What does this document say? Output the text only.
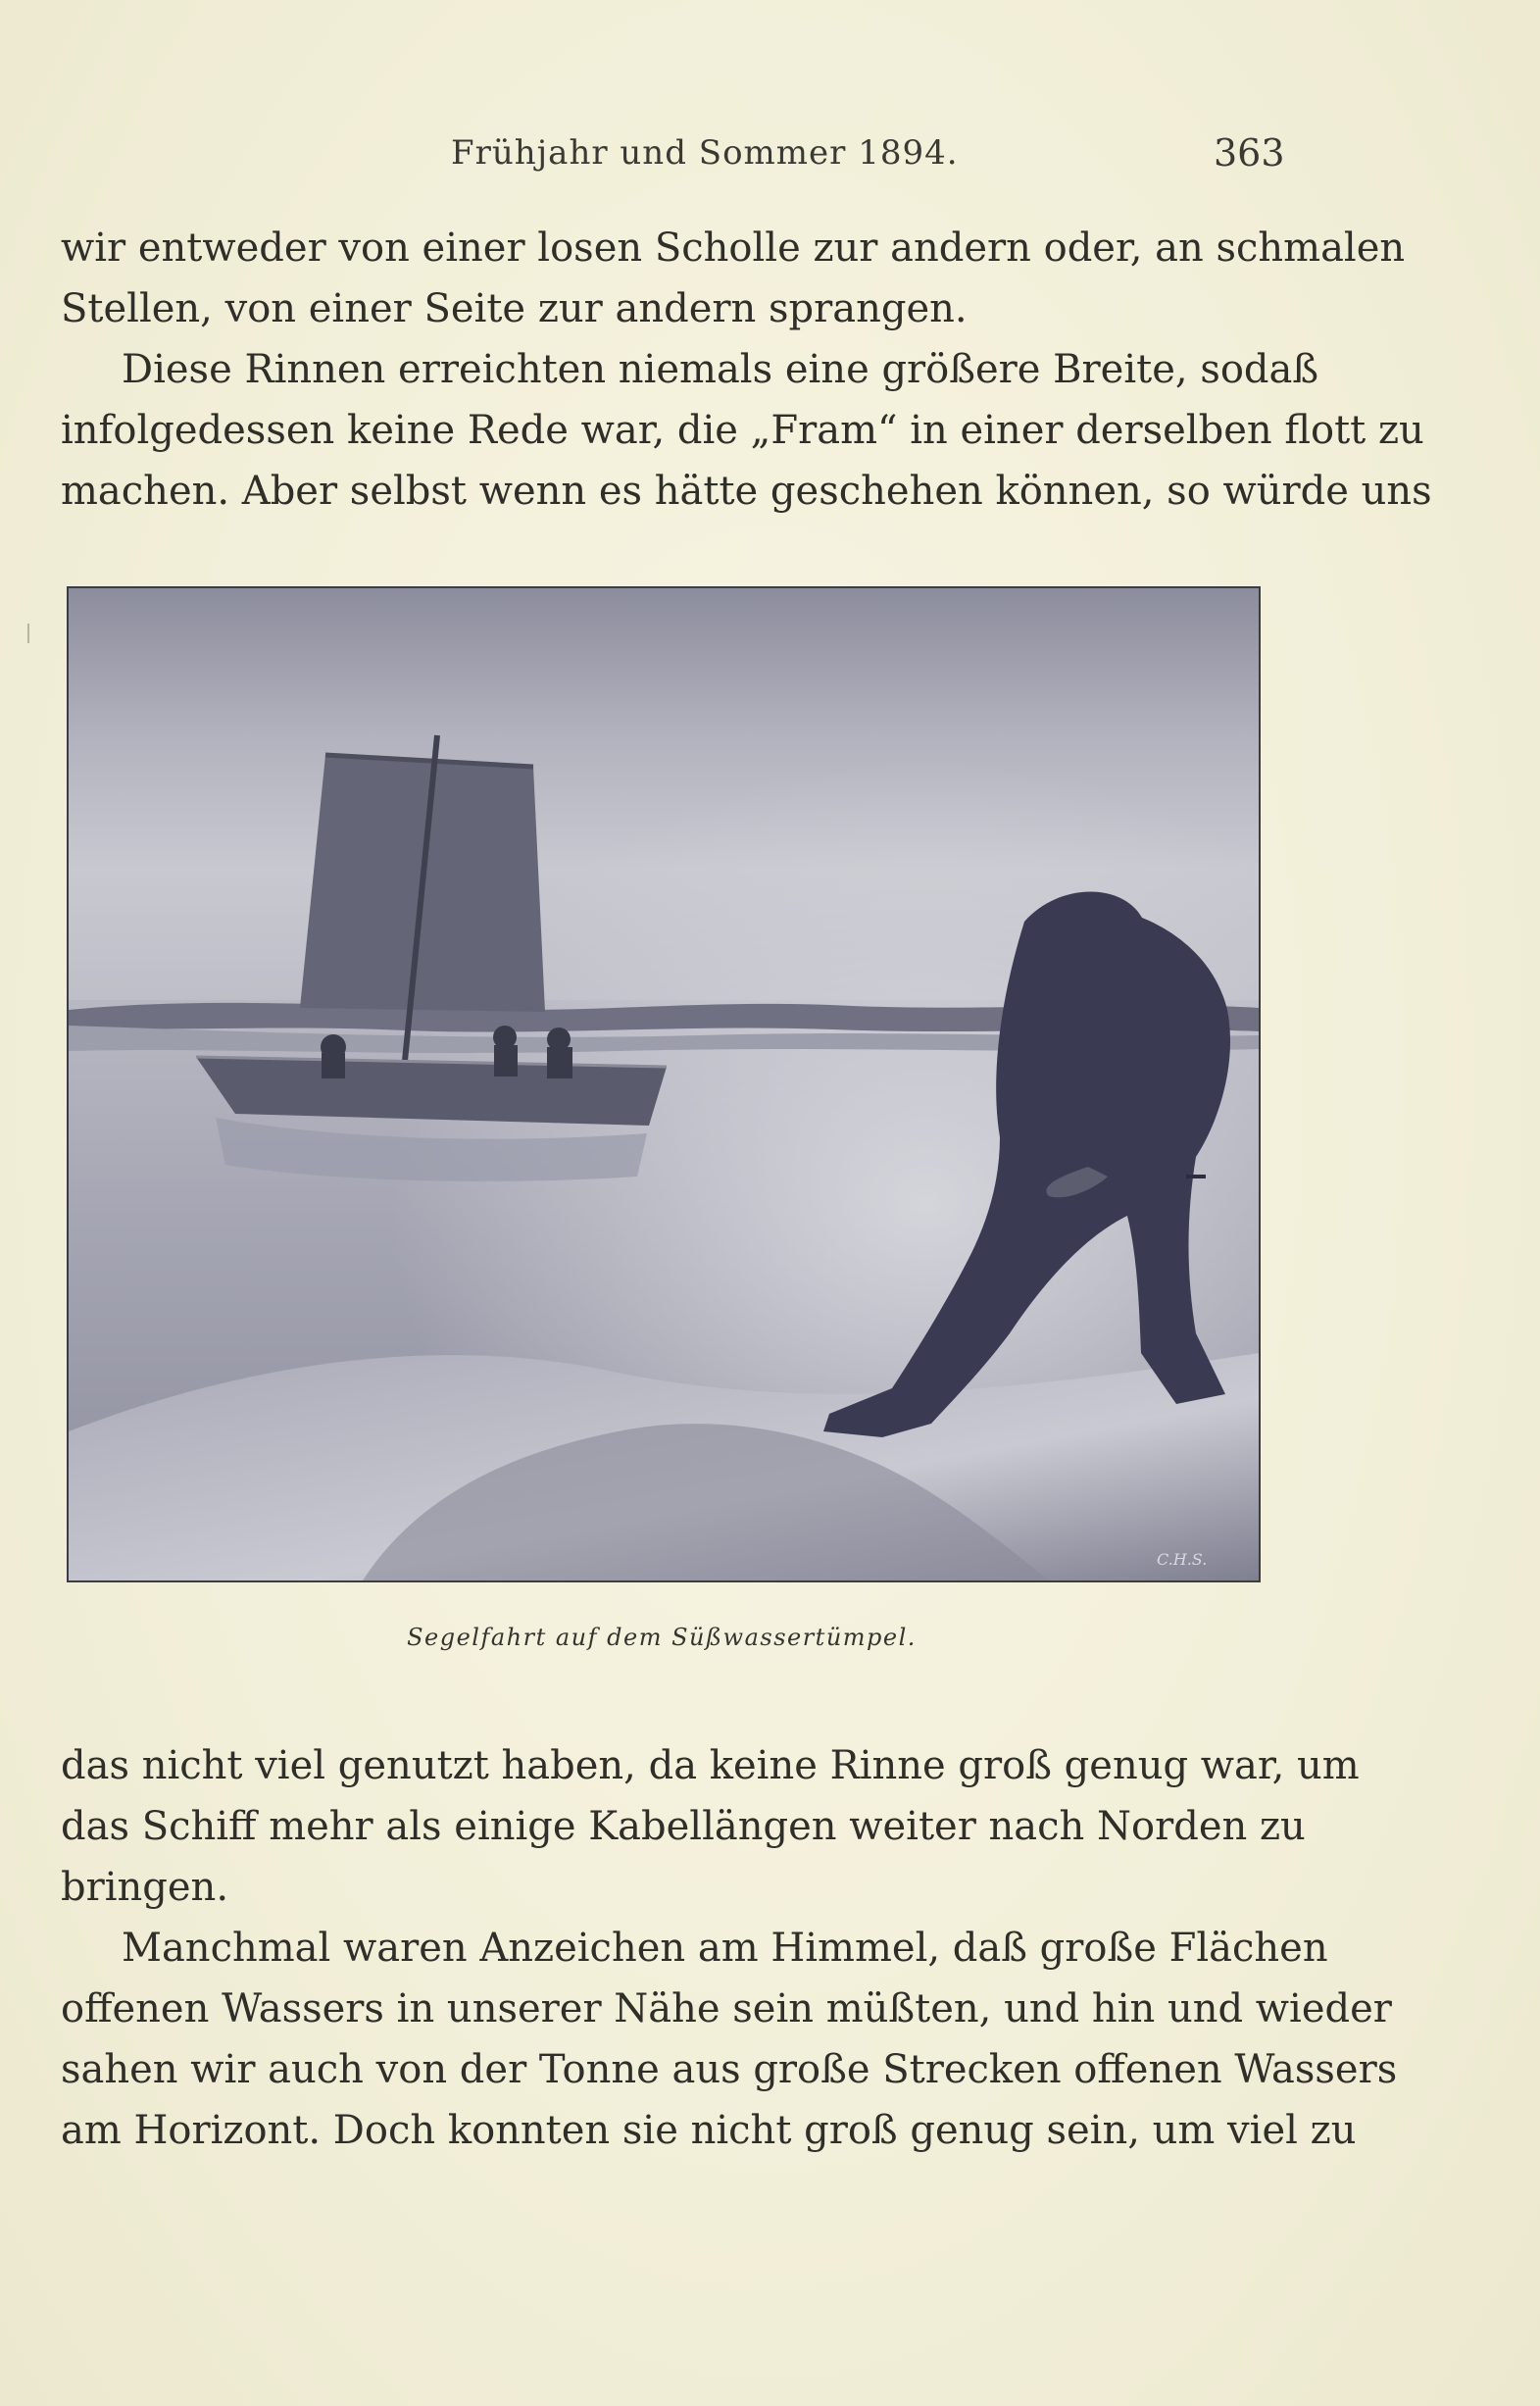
Frühjahr und Sommer 1894.	363
wir entweder von einer losen Scholle zur andern oder, an schmalen
Stellen, von einer Seite zur andern sprangen.
Diese Rinnen erreichten niemals eine größere Breite, sodaß
infolgedessen keine Rede war, die „Fram“ in einer derselben flott zu
machen. Aber selbst wenn es hätte geschehen können, so würde uns
C.H.S.
Segelfahrt auf dem Süßwassertümpel.
das nicht viel genutzt haben, da keine Rinne groß genug war, um
das Schiff mehr als einige Kabellängen weiter nach Norden zu
bringen.
Manchmal waren Anzeichen am Himmel, daß große Flächen
offenen Wassers in unserer Nähe sein müßten, und hin und wieder
sahen wir auch von der Tonne aus große Strecken offenen Wassers
am Horizont. Doch konnten sie nicht groß genug sein, um viel zu
